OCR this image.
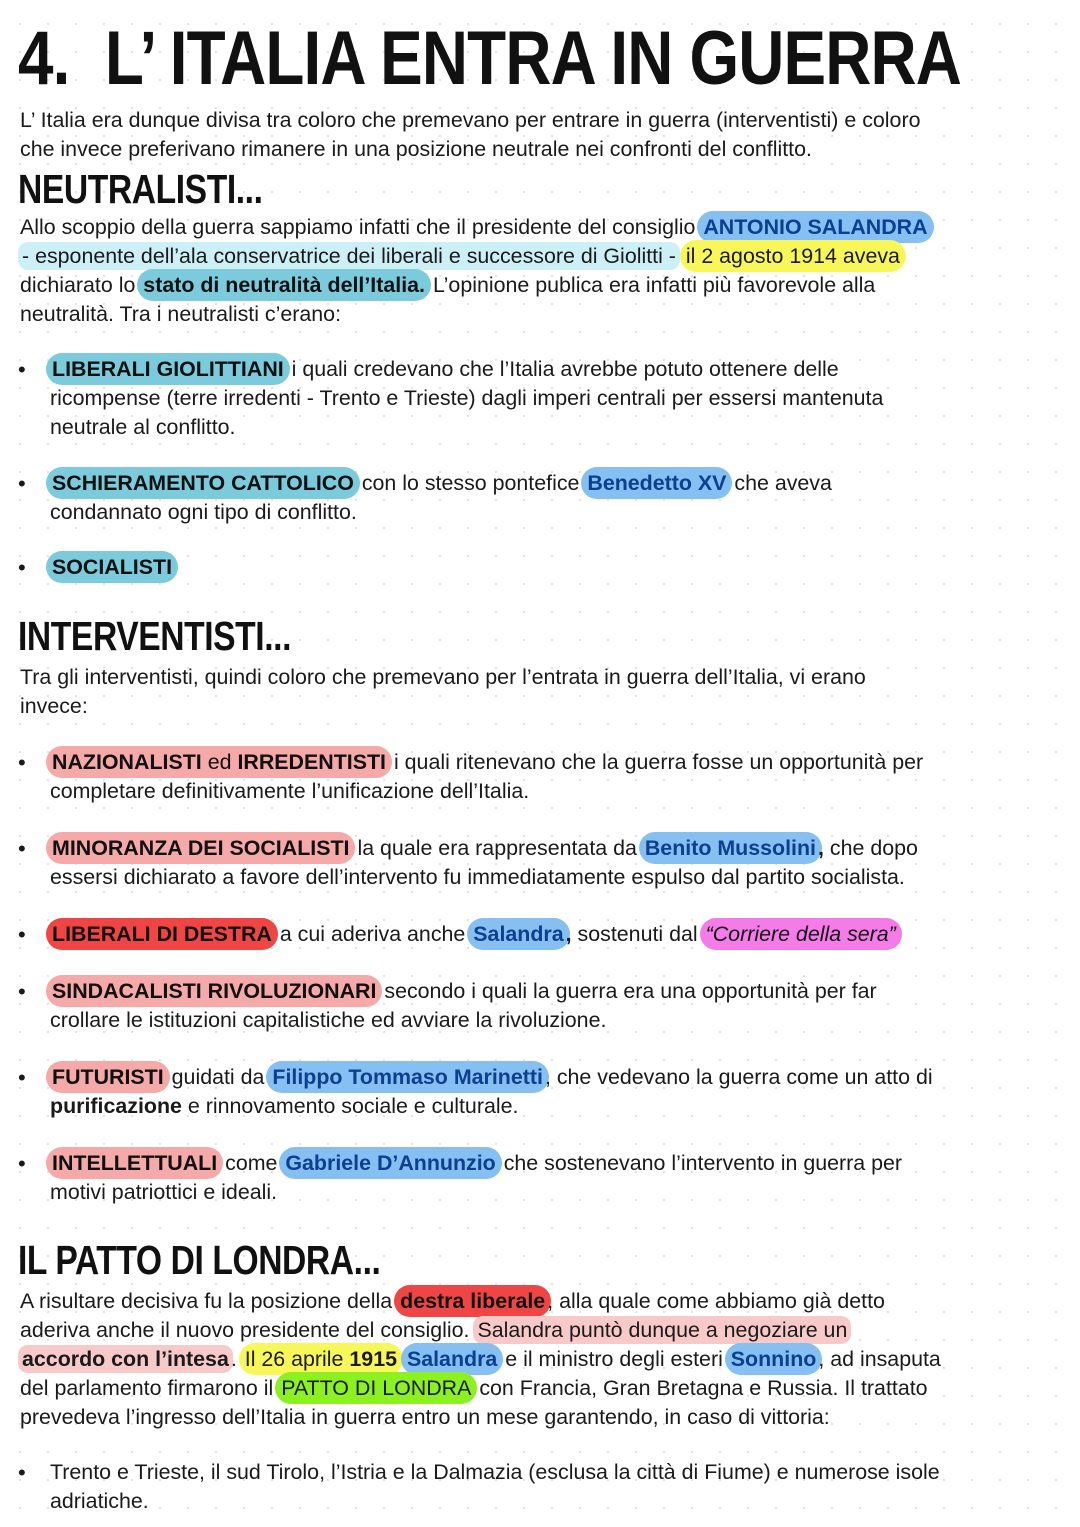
4. L’ ITALIA ENTRA IN GUERRA

L’ Italia era dunque divisa tra coloro che premevano per entrare in guerra (interventisti) e coloro
che invece preferivano rimanere in una posizione neutrale nei confronti del conflitto.

NEUTRALISTI...

Allo scoppio della guerra sappiamo infatti che il presidente del consiglio ANTONIO SALANDRA
- esponente dell’ala conservatrice dei liberali e successore di Giolitti - il 2 agosto 1914 aveva
dichiarato lo stato di neutralità dell’Italia. L’opinione publica era infatti più favorevole alla
neutralità. Tra i neutralisti c’erano:

• LIBERALI GIOLITTIANI i quali credevano che l’Italia avrebbe potuto ottenere delle
ricompense (terre irredenti - Trento e Trieste) dagli imperi centrali per essersi mantenuta
neutrale al conflitto.
• SCHIERAMENTO CATTOLICO con lo stesso pontefice Benedetto XV che aveva
condannato ogni tipo di conflitto.
• SOCIALISTI
INTERVENTISTI...

Tra gli interventisti, quindi coloro che premevano per l’entrata in guerra dell’Italia, vi erano
invece:

• NAZIONALISTI ed IRREDENTISTI i quali ritenevano che la guerra fosse un opportunità per
completare definitivamente l’unificazione dell’Italia.
• MINORANZA DEI SOCIALISTI la quale era rappresentata da Benito Mussolini, che dopo
essersi dichiarato a favore dell’intervento fu immediatamente espulso dal partito socialista.
• LIBERALI DI DESTRA a cui aderiva anche Salandra, sostenuti dal “Corriere della sera”
• SINDACALISTI RIVOLUZIONARI secondo i quali la guerra era una opportunità per far
crollare le istituzioni capitalistiche ed avviare la rivoluzione.
• FUTURISTI guidati da Filippo Tommaso Marinetti, che vedevano la guerra come un atto di
purificazione e rinnovamento sociale e culturale.
• INTELLETTUALI come Gabriele D’Annunzio che sostenevano l’intervento in guerra per
motivi patriottici e ideali.
IL PATTO DI LONDRA...

A risultare decisiva fu la posizione della destra liberale, alla quale come abbiamo già detto
aderiva anche il nuovo presidente del consiglio. Salandra puntò dunque a negoziare un
accordo con l’intesa. Il 26 aprile 1915 Salandra e il ministro degli esteri Sonnino, ad insaputa
del parlamento firmarono il PATTO DI LONDRA con Francia, Gran Bretagna e Russia. Il trattato
prevedeva l’ingresso dell’Italia in guerra entro un mese garantendo, in caso di vittoria:

• Trento e Trieste, il sud Tirolo, l’Istria e la Dalmazia (esclusa la città di Fiume) e numerose isole
adriatiche.
